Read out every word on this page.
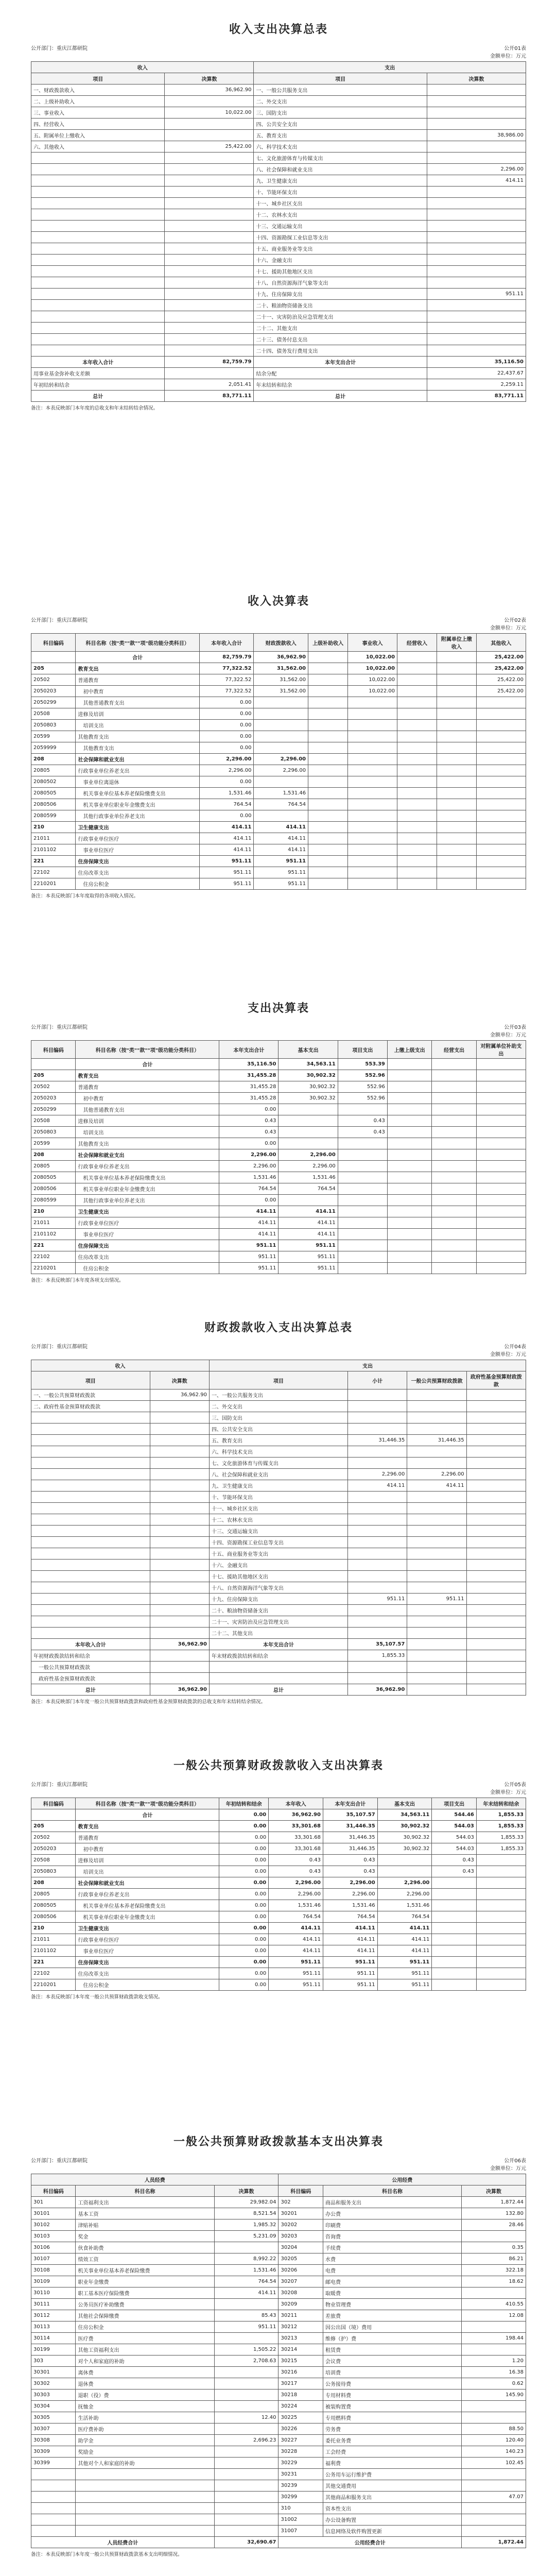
收入支出决算总表
公开部门：重庆江都研院	公开01表
金额单位：万元
收入		支出	
项目	决算数	项目	决算数
一、财政拨款收入	36,962.90	一、一般公共服务支出	
二、上级补助收入		二、外交支出	
三、事业收入	10,022.00	三、国防支出	
四、经营收入		四、公共安全支出	
五、附属单位上缴收入		五、教育支出	38,986.00
六、其他收入	25,422.00	六、科学技术支出	
		七、文化旅游体育与传媒支出	
		八、社会保障和就业支出	2,296.00
		九、卫生健康支出	414.11
		十、节能环保支出	
		十一、城乡社区支出	
		十二、农林水支出	
		十三、交通运输支出	
		十四、资源勘探工业信息等支出	
		十五、商业服务业等支出	
		十六、金融支出	
		十七、援助其他地区支出	
		十八、自然资源海洋气象等支出	
		十九、住房保障支出	951.11
		二十、粮油物资储备支出	
		二十一、灾害防治及应急管理支出	
		二十二、其他支出	
		二十三、债务付息支出	
		二十四、债务发行费用支出	
本年收入合计	82,759.79	本年支出合计	35,116.50
用事业基金弥补收支差额		结余分配	22,437.67
年初结转和结余	2,051.41	年末结转和结余	2,259.11
总计	83,771.11	总计	83,771.11
备注：本表反映部门本年度的总收支和年末结转结余情况。
收入决算表
公开部门：重庆江都研院	公开02表
金额单位：万元
科目编码	科目名称（按"类""款""项"级功能分类科目）	本年收入合计	财政拨款收入	上级补助收入	事业收入	经营收入	附属单位上缴收入	其他收入
	合计	82,759.79	36,962.90		10,022.00			25,422.00
205	教育支出	77,322.52	31,562.00		10,022.00			25,422.00
20502	普通教育	77,322.52	31,562.00		10,022.00			25,422.00
2050203	初中教育	77,322.52	31,562.00		10,022.00			25,422.00
2050299	其他普通教育支出	0.00						
20508	进修及培训	0.00						
2050803	培训支出	0.00						
20599	其他教育支出	0.00						
2059999	其他教育支出	0.00						
208	社会保障和就业支出	2,296.00	2,296.00					
20805	行政事业单位养老支出	2,296.00	2,296.00					
2080502	事业单位离退休	0.00						
2080505	机关事业单位基本养老保险缴费支出	1,531.46	1,531.46					
2080506	机关事业单位职业年金缴费支出	764.54	764.54					
2080599	其他行政事业单位养老支出	0.00						
210	卫生健康支出	414.11	414.11					
21011	行政事业单位医疗	414.11	414.11					
2101102	事业单位医疗	414.11	414.11					
221	住房保障支出	951.11	951.11					
22102	住房改革支出	951.11	951.11					
2210201	住房公积金	951.11	951.11					
备注：本表反映部门本年度取得的各项收入情况。
支出决算表
公开部门：重庆江都研院	公开03表
金额单位：万元
科目编码	科目名称（按"类""款""项"级功能分类科目）	本年支出合计	基本支出	项目支出	上缴上级支出	经营支出	对附属单位补助支出
	合计	35,116.50	34,563.11	553.39			
205	教育支出	31,455.28	30,902.32	552.96			
20502	普通教育	31,455.28	30,902.32	552.96			
2050203	初中教育	31,455.28	30,902.32	552.96			
2050299	其他普通教育支出	0.00					
20508	进修及培训	0.43		0.43			
2050803	培训支出	0.43		0.43			
20599	其他教育支出	0.00					
208	社会保障和就业支出	2,296.00	2,296.00				
20805	行政事业单位养老支出	2,296.00	2,296.00				
2080505	机关事业单位基本养老保险缴费支出	1,531.46	1,531.46				
2080506	机关事业单位职业年金缴费支出	764.54	764.54				
2080599	其他行政事业单位养老支出	0.00					
210	卫生健康支出	414.11	414.11				
21011	行政事业单位医疗	414.11	414.11				
2101102	事业单位医疗	414.11	414.11				
221	住房保障支出	951.11	951.11				
22102	住房改革支出	951.11	951.11				
2210201	住房公积金	951.11	951.11				
备注：本表反映部门本年度各项支出情况。
财政拨款收入支出决算总表
公开部门：重庆江都研院	公开04表
金额单位：万元
收入		支出			
项目	决算数	项目	小计	一般公共预算财政拨款	政府性基金预算财政拨款
一、一般公共预算财政拨款	36,962.90	一、一般公共服务支出			
二、政府性基金预算财政拨款		二、外交支出			
		三、国防支出			
		四、公共安全支出			
		五、教育支出	31,446.35	31,446.35	
		六、科学技术支出			
		七、文化旅游体育与传媒支出			
		八、社会保障和就业支出	2,296.00	2,296.00	
		九、卫生健康支出	414.11	414.11	
		十、节能环保支出			
		十一、城乡社区支出			
		十二、农林水支出			
		十三、交通运输支出			
		十四、资源勘探工业信息等支出			
		十五、商业服务业等支出			
		十六、金融支出			
		十七、援助其他地区支出			
		十八、自然资源海洋气象等支出			
		十九、住房保障支出	951.11	951.11	
		二十、粮油物资储备支出			
		二十一、灾害防治及应急管理支出			
		二十二、其他支出			
本年收入合计	36,962.90	本年支出合计	35,107.57		
年初财政拨款结转和结余		年末财政拨款结转和结余	1,855.33		
一般公共预算财政拨款					
政府性基金预算财政拨款					
总计	36,962.90	总计	36,962.90		
备注：本表反映部门本年度一般公共预算财政拨款和政府性基金预算财政拨款的总收支和年末结转结余情况。
一般公共预算财政拨款收入支出决算表
公开部门：重庆江都研院	公开05表
金额单位：万元
科目编码	科目名称（按"类""款""项"级功能分类科目）	年初结转和结余	本年收入	本年支出合计	基本支出	项目支出	年末结转和结余
	合计	0.00	36,962.90	35,107.57	34,563.11	544.46	1,855.33
205	教育支出	0.00	33,301.68	31,446.35	30,902.32	544.03	1,855.33
20502	普通教育	0.00	33,301.68	31,446.35	30,902.32	544.03	1,855.33
2050203	初中教育	0.00	33,301.68	31,446.35	30,902.32	544.03	1,855.33
20508	进修及培训	0.00	0.43	0.43		0.43	
2050803	培训支出	0.00	0.43	0.43		0.43	
208	社会保障和就业支出	0.00	2,296.00	2,296.00	2,296.00		
20805	行政事业单位养老支出	0.00	2,296.00	2,296.00	2,296.00		
2080505	机关事业单位基本养老保险缴费支出	0.00	1,531.46	1,531.46	1,531.46		
2080506	机关事业单位职业年金缴费支出	0.00	764.54	764.54	764.54		
210	卫生健康支出	0.00	414.11	414.11	414.11		
21011	行政事业单位医疗	0.00	414.11	414.11	414.11		
2101102	事业单位医疗	0.00	414.11	414.11	414.11		
221	住房保障支出	0.00	951.11	951.11	951.11		
22102	住房改革支出	0.00	951.11	951.11	951.11		
2210201	住房公积金	0.00	951.11	951.11	951.11		
备注：本表反映部门本年度一般公共预算财政拨款收支情况。
一般公共预算财政拨款基本支出决算表
公开部门：重庆江都研院	公开06表
金额单位：万元
人员经费			公用经费		
科目编码	科目名称	决算数	科目编码	科目名称	决算数
301	工资福利支出	29,982.04	302	商品和服务支出	1,872.44
30101	基本工资	8,521.54	30201	办公费	132.80
30102	津贴补贴	1,985.32	30202	印刷费	28.46
30103	奖金	5,231.09	30203	咨询费	
30106	伙食补助费		30204	手续费	0.35
30107	绩效工资	8,992.22	30205	水费	86.21
30108	机关事业单位基本养老保险缴费	1,531.46	30206	电费	322.18
30109	职业年金缴费	764.54	30207	邮电费	18.62
30110	职工基本医疗保险缴费	414.11	30208	取暖费	
30111	公务员医疗补助缴费		30209	物业管理费	410.55
30112	其他社会保障缴费	85.43	30211	差旅费	12.08
30113	住房公积金	951.11	30212	因公出国（境）费用	
30114	医疗费		30213	维修（护）费	198.44
30199	其他工资福利支出	1,505.22	30214	租赁费	
303	对个人和家庭的补助	2,708.63	30215	会议费	1.20
30301	离休费		30216	培训费	16.38
30302	退休费		30217	公务接待费	0.62
30303	退职（役）费		30218	专用材料费	145.90
30304	抚恤金		30224	被装购置费	
30305	生活补助	12.40	30225	专用燃料费	
30307	医疗费补助		30226	劳务费	88.50
30308	助学金	2,696.23	30227	委托业务费	120.40
30309	奖励金		30228	工会经费	140.23
30399	其他对个人和家庭的补助		30229	福利费	102.45
			30231	公务用车运行维护费	
			30239	其他交通费用	
			30299	其他商品和服务支出	47.07
			310	资本性支出	
			31002	办公设备购置	
			31007	信息网络及软件购置更新	
人员经费合计		32,690.67	公用经费合计		1,872.44
备注：本表反映部门本年度一般公共预算财政拨款基本支出明细情况。
